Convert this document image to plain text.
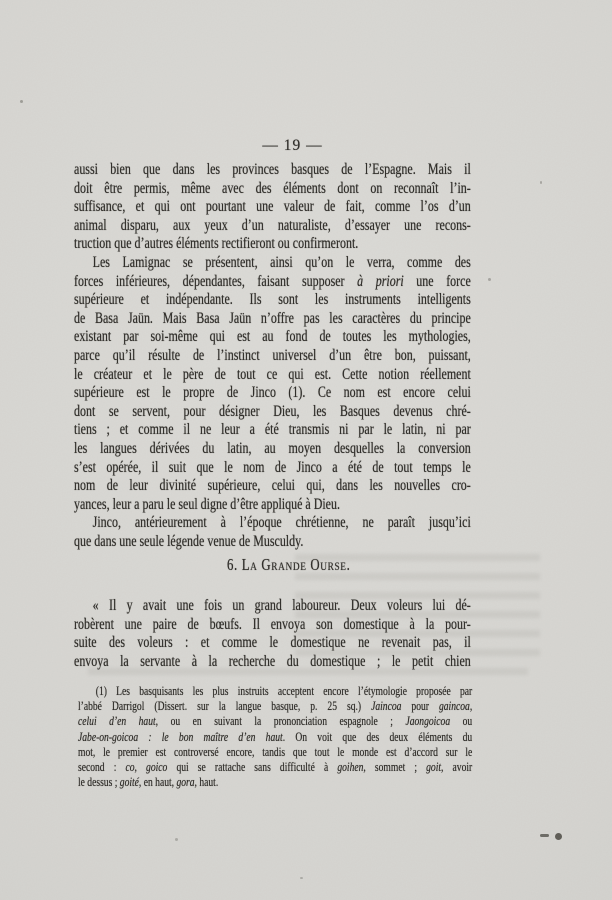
— 19 —
aussi bien que dans les provinces basques de l’Espagne. Mais il
doit être permis, même avec des éléments dont on reconnaît l’in-
suffisance, et qui ont pourtant une valeur de fait, comme l’os d’un
animal disparu, aux yeux d’un naturaliste, d’essayer une recons-
truction que d’autres éléments rectifieront ou confirmeront.
Les Lamignac se présentent, ainsi qu’on le verra, comme des
forces inférieures, dépendantes, faisant supposer à priori une force
supérieure et indépendante. Ils sont les instruments intelligents
de Basa Jaün. Mais Basa Jaün n’offre pas les caractères du principe
existant par soi-même qui est au fond de toutes les mythologies,
parce qu’il résulte de l’instinct universel d’un être bon, puissant,
le créateur et le père de tout ce qui est. Cette notion réellement
supérieure est le propre de Jinco (1). Ce nom est encore celui
dont se servent, pour désigner Dieu, les Basques devenus chré-
tiens ; et comme il ne leur a été transmis ni par le latin, ni par
les langues dérivées du latin, au moyen desquelles la conversion
s’est opérée, il suit que le nom de Jinco a été de tout temps le
nom de leur divinité supérieure, celui qui, dans les nouvelles cro-
yances, leur a paru le seul digne d’être appliqué à Dieu.
Jinco, antérieurement à l’époque chrétienne, ne paraît jusqu’ici
que dans une seule légende venue de Musculdy.
6. La Grande Ourse.
« Il y avait une fois un grand laboureur. Deux voleurs lui dé-
robèrent une paire de bœufs. Il envoya son domestique à la pour-
suite des voleurs : et comme le domestique ne revenait pas, il
envoya la servante à la recherche du domestique ; le petit chien
(1) Les basquisants les plus instruits acceptent encore l’étymologie proposée par
l’abbé Darrigol (Dissert. sur la langue basque, p. 25 sq.) Jaincoa pour gaincoa,
celui d’en haut, ou en suivant la prononciation espagnole ; Jaongoicoa ou
Jabe-on-goicoa : le bon maître d’en haut. On voit que des deux éléments du
mot, le premier est controversé encore, tandis que tout le monde est d’accord sur le
second : co, goico qui se rattache sans difficulté à goihen, sommet ; goit, avoir
le dessus ; goité, en haut, gora, haut.
